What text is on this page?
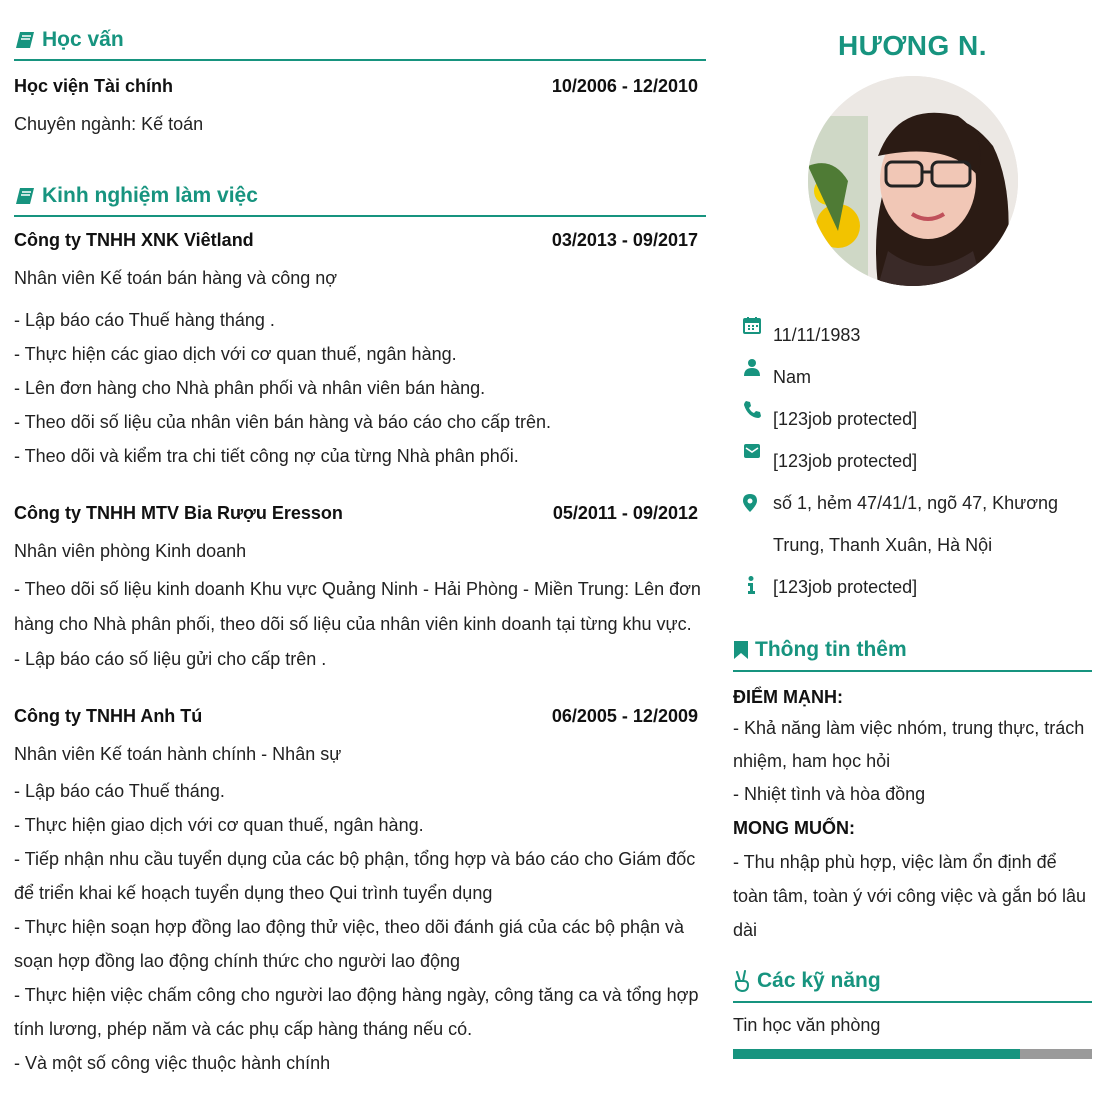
Học vấn
Học viện Tài chính	10/2006 - 12/2010
Chuyên ngành: Kế toán
Kinh nghiệm làm việc
Công ty TNHH XNK Viêtland	03/2013 - 09/2017
Nhân viên Kế toán bán hàng và công nợ
- Lập báo cáo Thuế hàng tháng .
- Thực hiện các giao dịch với cơ quan thuế, ngân hàng.
- Lên đơn hàng cho Nhà phân phối và nhân viên bán hàng.
- Theo dõi số liệu của nhân viên bán hàng và báo cáo cho cấp trên.
- Theo dõi và kiểm tra chi tiết công nợ của từng Nhà phân phối.
Công ty TNHH MTV Bia Rượu Eresson	05/2011 - 09/2012
Nhân viên phòng Kinh doanh
- Theo dõi số liệu kinh doanh Khu vực Quảng Ninh - Hải Phòng - Miền Trung: Lên đơn hàng cho Nhà phân phối, theo dõi số liệu của nhân viên kinh doanh tại từng khu vực.
- Lập báo cáo số liệu gửi cho cấp trên .
Công ty TNHH Anh Tú	06/2005 - 12/2009
Nhân viên Kế toán hành chính - Nhân sự
- Lập báo cáo Thuế tháng.
- Thực hiện giao dịch với cơ quan thuế, ngân hàng.
- Tiếp nhận nhu cầu tuyển dụng của các bộ phận, tổng hợp và báo cáo cho Giám đốc để triển khai kế hoạch tuyển dụng theo Qui trình tuyển dụng
- Thực hiện soạn hợp đồng lao động thử việc, theo dõi đánh giá của các bộ phận và soạn hợp đồng lao động chính thức cho người lao động
- Thực hiện việc chấm công cho người lao động hàng ngày, công tăng ca và tổng hợp tính lương, phép năm và các phụ cấp hàng tháng nếu có.
- Và một số công việc thuộc hành chính
HƯƠNG N.
11/11/1983
Nam
[123job protected]
[123job protected]
số 1, hẻm 47/41/1, ngõ 47, Khương Trung, Thanh Xuân, Hà Nội
[123job protected]
Thông tin thêm
ĐIỂM MẠNH:
- Khả năng làm việc nhóm, trung thực, trách nhiệm, ham học hỏi
- Nhiệt tình và hòa đồng
MONG MUỐN:
- Thu nhập phù hợp, việc làm ổn định để toàn tâm, toàn ý với công việc và gắn bó lâu dài
Các kỹ năng
Tin học văn phòng
